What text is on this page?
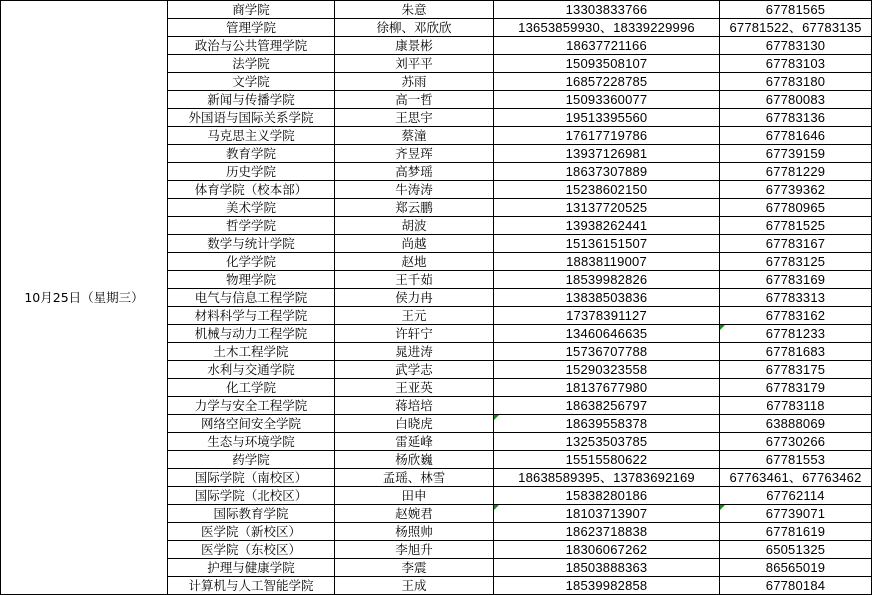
10月25日（星期三）	商学院	朱意	13303833766	67781565
	管理学院	徐柳、邓欣欣	13653859930、18339229996	67781522、67783135
	政治与公共管理学院	康景彬	18637721166	67783130
	法学院	刘平平	15093508107	67783103
	文学院	苏雨	16857228785	67783180
	新闻与传播学院	高一哲	15093360077	67780083
	外国语与国际关系学院	王思宇	19513395560	67783136
	马克思主义学院	蔡潼	17617719786	67781646
	教育学院	齐昱珲	13937126981	67739159
	历史学院	高梦瑶	18637307889	67781229
	体育学院（校本部）	牛涛涛	15238602150	67739362
	美术学院	郑云鹏	13137720525	67780965
	哲学学院	胡波	13938262441	67781525
	数学与统计学院	尚越	15136151507	67783167
	化学学院	赵地	18838119007	67783125
	物理学院	王千茹	18539982826	67783169
	电气与信息工程学院	侯力冉	13838503836	67783313
	材料科学与工程学院	王元	17378391127	67783162
	机械与动力工程学院	许轩宁	13460646635	67781233
	土木工程学院	晁进涛	15736707788	67781683
	水利与交通学院	武学志	15290323558	67783175
	化工学院	王亚英	18137677980	67783179
	力学与安全工程学院	蒋培培	18638256797	67783118
	网络空间安全学院	白晓虎	18639558378	63888069
	生态与环境学院	雷延峰	13253503785	67730266
	药学院	杨欣巍	15515580622	67781553
	国际学院（南校区）	孟瑶、林雪	18638589395、13783692169	67763461、67763462
	国际学院（北校区）	田申	15838280186	67762114
	国际教育学院	赵婉君	18103713907	67739071
	医学院（新校区）	杨照帅	18623718838	67781619
	医学院（东校区）	李旭升	18306067262	65051325
	护理与健康学院	李震	18503888363	86565019
	计算机与人工智能学院	王成	18539982858	67780184
